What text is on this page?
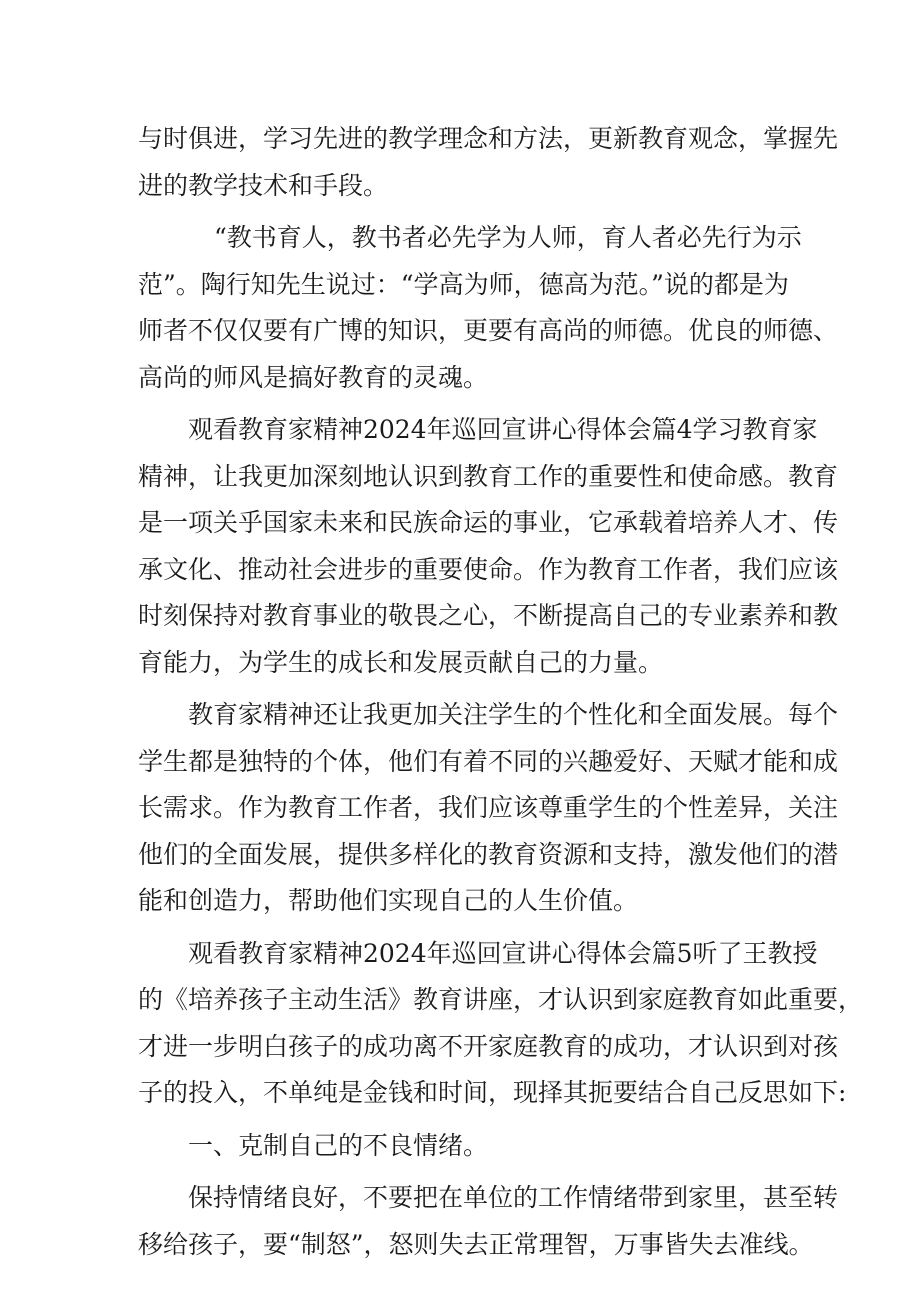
与时俱进，学习先进的教学理念和方法，更新教育观念，掌握先
进的教学技术和手段。
“教书育人，教书者必先学为人师，育人者必先行为示
范”。陶行知先生说过：“学高为师，德高为范。”说的都是为
师者不仅仅要有广博的知识，更要有高尚的师德。优良的师德、
高尚的师风是搞好教育的灵魂。
观看教育家精神2024年巡回宣讲心得体会篇4学习教育家
精神，让我更加深刻地认识到教育工作的重要性和使命感。教育
是一项关乎国家未来和民族命运的事业，它承载着培养人才、传
承文化、推动社会进步的重要使命。作为教育工作者，我们应该
时刻保持对教育事业的敬畏之心，不断提高自己的专业素养和教
育能力，为学生的成长和发展贡献自己的力量。
教育家精神还让我更加关注学生的个性化和全面发展。每个
学生都是独特的个体，他们有着不同的兴趣爱好、天赋才能和成
长需求。作为教育工作者，我们应该尊重学生的个性差异，关注
他们的全面发展，提供多样化的教育资源和支持，激发他们的潜
能和创造力，帮助他们实现自己的人生价值。
观看教育家精神2024年巡回宣讲心得体会篇5听了王教授
的《培养孩子主动生活》教育讲座，才认识到家庭教育如此重要，
才进一步明白孩子的成功离不开家庭教育的成功，才认识到对孩
子的投入，不单纯是金钱和时间，现择其扼要结合自己反思如下:
一、克制自己的不良情绪。
保持情绪良好，不要把在单位的工作情绪带到家里，甚至转
移给孩子，要“制怒”，怒则失去正常理智，万事皆失去准线。
